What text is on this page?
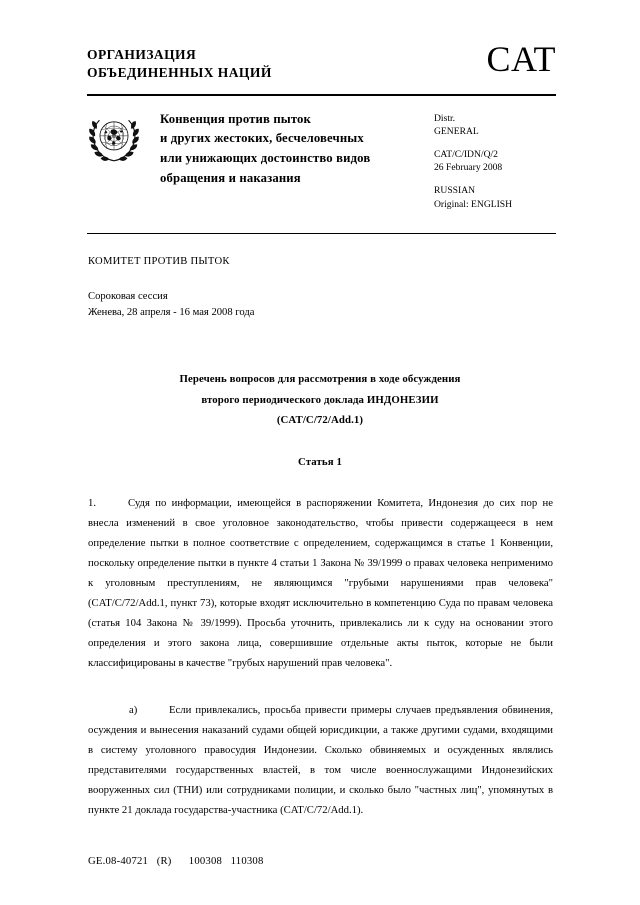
ОРГАНИЗАЦИЯ
ОБЪЕДИНЕННЫХ НАЦИЙ	CAT
Конвенция против пыток
и других жестоких, бесчеловечных
или унижающих достоинство видов
обращения и наказания
Distr.
GENERAL
CAT/C/IDN/Q/2
26 February 2008
RUSSIAN
Original: ENGLISH
КОМИТЕТ ПРОТИВ ПЫТОК
Сороковая сессия
Женева, 28 апреля - 16 мая 2008 года
Перечень вопросов для рассмотрения в ходе обсуждения
второго периодического доклада ИНДОНЕЗИИ
(CAT/C/72/Add.1)
Статья 1

1.	Судя по информации, имеющейся в распоряжении Комитета, Индонезия до сих пор не внесла изменений в свое уголовное законодательство, чтобы привести содержащееся в нем определение пытки в полное соответствие с определением, содержащимся в статье 1 Конвенции, поскольку определение пытки в пункте 4 статьи 1 Закона № 39/1999 о правах человека неприменимо к уголовным преступлениям, не являющимся "грубыми нарушениями прав человека" (CAT/C/72/Add.1, пункт 73), которые входят исключительно в компетенцию Суда по правам человека (статья 104 Закона № 39/1999). Просьба уточнить, привлекались ли к суду на основании этого определения и этого закона лица, совершившие отдельные акты пыток, которые не были классифицированы в качестве "грубых нарушений прав человека".

a)	Если привлекались, просьба привести примеры случаев предъявления обвинения, осуждения и вынесения наказаний судами общей юрисдикции, а также другими судами, входящими в систему уголовного правосудия Индонезии. Сколько обвиняемых и осужденных являлись представителями государственных властей, в том числе военнослужащими Индонезийских вооруженных сил (ТНИ) или сотрудниками полиции, и сколько было "частных лиц", упомянутых в пункте 21 доклада государства-участника (CAT/C/72/Add.1).

GE.08-40721   (R)      100308   110308
